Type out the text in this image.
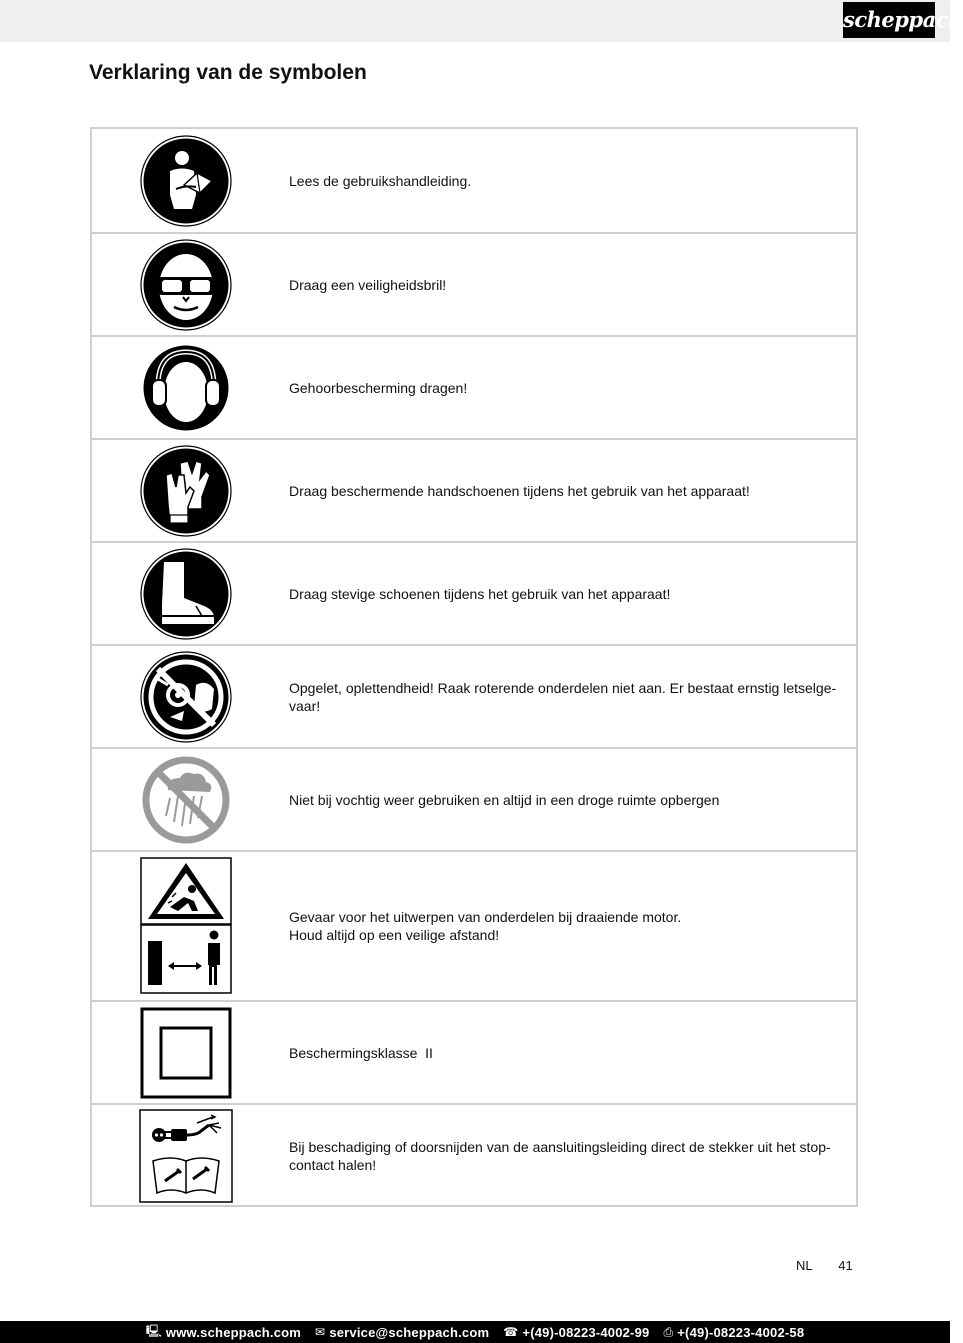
scheppach
Verklaring van de symbolen
Lees de gebruikshandleiding.
Draag een veiligheidsbril!
Gehoorbescherming dragen!
Draag beschermende handschoenen tijdens het gebruik van het apparaat!
Draag stevige schoenen tijdens het gebruik van het apparaat!
Opgelet, oplettendheid! Raak roterende onderdelen niet aan. Er bestaat ernstig letselge-vaar!
Niet bij vochtig weer gebruiken en altijd in een droge ruimte opbergen
Gevaar voor het uitwerpen van onderdelen bij draaiende motor.
Houd altijd op een veilige afstand!
Beschermingsklasse  II
Bij beschadiging of doorsnijden van de aansluitingsleiding direct de stekker uit het stop-contact halen!
NL 41
🖳 www.scheppach.com ✉ service@scheppach.com ☎ +(49)-08223-4002-99 ⎙ +(49)-08223-4002-58
